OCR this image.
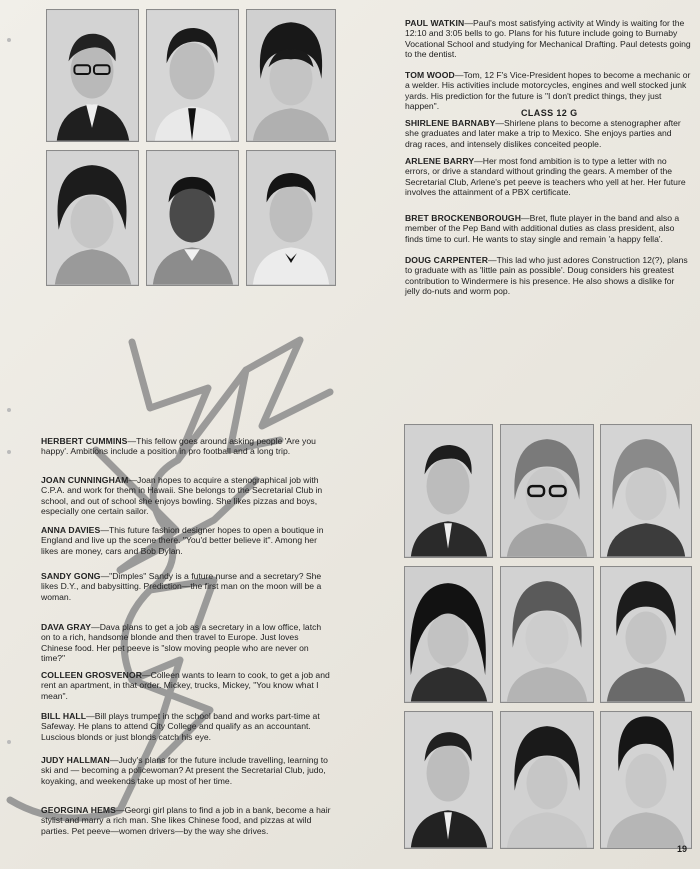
PAUL WATKIN—Paul's most satisfying activity at Windy is waiting for the 12:10 and 3:05 bells to go. Plans for his future include going to Burnaby Vocational School and studying for Mechanical Drafting. Paul detests going to the dentist.
TOM WOOD—Tom, 12 F's Vice-President hopes to become a mechanic or a welder. His activities include motorcycles, engines and well stocked junk yards. His prediction for the future is "I don't predict things, they just happen".
CLASS 12 G
SHIRLENE BARNABY—Shirlene plans to become a stenographer after she graduates and later make a trip to Mexico. She enjoys parties and drag races, and intensely dislikes conceited people.
ARLENE BARRY—Her most fond ambition is to type a letter with no errors, or drive a standard without grinding the gears. A member of the Secretarial Club, Arlene's pet peeve is teachers who yell at her. Her future involves the attainment of a PBX certificate.
BRET BROCKENBOROUGH—Bret, flute player in the band and also a member of the Pep Band with additional duties as class president, also finds time to curl. He wants to stay single and remain 'a happy fella'.
DOUG CARPENTER—This lad who just adores Construction 12(?), plans to graduate with as 'little pain as possible'. Doug considers his greatest contribution to Windermere is his presence. He also shows a dislike for jelly do-nuts and worm pop.
HERBERT CUMMINS—This fellow goes around asking people 'Are you happy'. Ambitions include a position in pro football and a long trip.
JOAN CUNNINGHAM—Joan hopes to acquire a stenographical job with C.P.A. and work for them in Hawaii. She belongs to the Secretarial Club in school, and out of school she enjoys bowling. She likes pizzas and boys, especially one certain sailor.
ANNA DAVIES—This future fashion designer hopes to open a boutique in England and live up the scene there. "You'd better believe it". Among her likes are money, cars and Bob Dylan.
SANDY GONG—"Dimples" Sandy is a future nurse and a secretary? She likes D.Y., and babysitting. Prediction—the first man on the moon will be a woman.
DAVA GRAY—Dava plans to get a job as a secretary in a low office, latch on to a rich, handsome blonde and then travel to Europe. Just loves Chinese food. Her pet peeve is "slow moving people who are never on time?"
COLLEEN GROSVENOR—Colleen wants to learn to cook, to get a job and rent an apartment, in that order. Mickey, trucks, Mickey, "You know what I mean".
BILL HALL—Bill plays trumpet in the school band and works part-time at Safeway. He plans to attend City College and qualify as an accountant. Luscious blonds or just blonds catch his eye.
JUDY HALLMAN—Judy's plans for the future include travelling, learning to ski and — becoming a policewoman? At present the Secretarial Club, judo, koyaking, and weekends take up most of her time.
GEORGINA HEMS—Georgi girl plans to find a job in a bank, become a hair stylist and marry a rich man. She likes Chinese food, and pizzas at wild parties. Pet peeve—women drivers—by the way she drives.
19
